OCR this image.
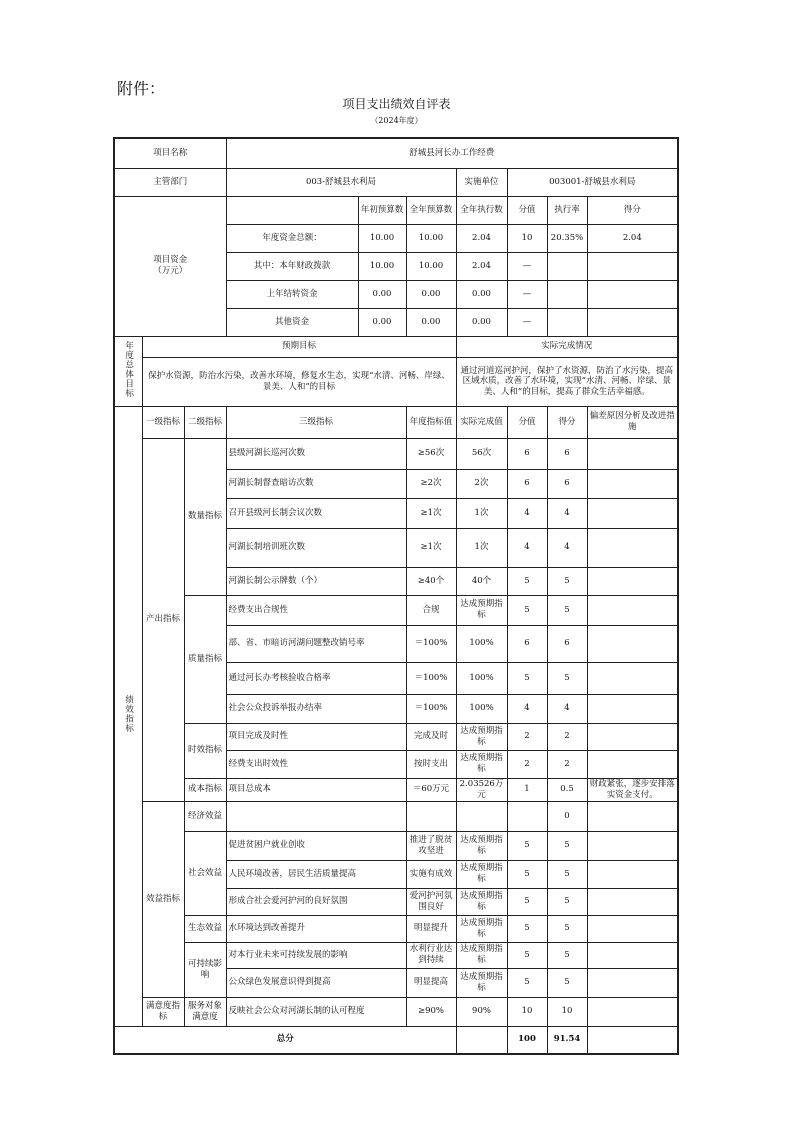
附件：
项目支出绩效自评表
（2024年度）
项目名称			舒城县河长办工作经费						
主管部门			003-舒城县水利局			实施单位	003001-舒城县水利局		
项目资金
（万元）				年初预算数	全年预算数	全年执行数	分值	执行率	得分
			年度资金总额：	10.00	10.00	2.04	10	20.35%	2.04
			其中：本年财政拨款	10.00	10.00	2.04	—		
			上年结转资金	0.00	0.00	0.00	—		
			其他资金	0.00	0.00	0.00	—		
年度总体目标	预期目标					实际完成情况			
	保护水资源，防治水污染，改善水环境，修复水生态，实现“水清、河畅、岸绿、景美、人和”的目标					通过河道巡河护河，保护了水资源，防治了水污染，提高区域水质，改善了水环境，实现“水清、河畅、岸绿、景美、人和”的目标，提高了群众生活幸福感。			
绩效指标	一级指标	二级指标	三级指标		年度指标值	实际完成值	分值	得分	偏差原因分析及改进措施
	产出指标	数量指标	县级河湖长巡河次数		≥56次	56次	6	6	
			河湖长制督查暗访次数		≥2次	2次	6	6	
			召开县级河长制会议次数		≥1次	1次	4	4	
			河湖长制培训班次数		≥1次	1次	4	4	
			河湖长制公示牌数（个）		≥40个	40个	5	5	
		质量指标	经费支出合规性		合规	达成预期指标	5	5	
			部、省、市暗访河湖问题整改销号率		＝100%	100%	6	6	
			通过河长办考核验收合格率		＝100%	100%	5	5	
			社会公众投诉举报办结率		＝100%	100%	4	4	
		时效指标	项目完成及时性		完成及时	达成预期指标	2	2	
			经费支出时效性		按时支出	达成预期指标	2	2	
		成本指标	项目总成本		＝60万元	2.03526万元	1	0.5	财政紧张，逐步安排落实资金支付。
	效益指标	经济效益						0	
		社会效益	促进贫困户就业创收		推进了脱贫攻坚进	达成预期指标	5	5	
			人民环境改善，居民生活质量提高		实施有成效	达成预期指标	5	5	
			形成合社会爱河护河的良好氛围		爱河护河氛围良好	达成预期指标	5	5	
		生态效益	水环境达到改善提升		明显提升	达成预期指标	5	5	
		可持续影响	对本行业未来可持续发展的影响		水利行业达到持续	达成预期指标	5	5	
			公众绿色发展意识得到提高		明显提高	达成预期指标	5	5	
	满意度指标	服务对象满意度	反映社会公众对河湖长制的认可程度		≥90%	90%	10	10	
总分							100	91.54	
